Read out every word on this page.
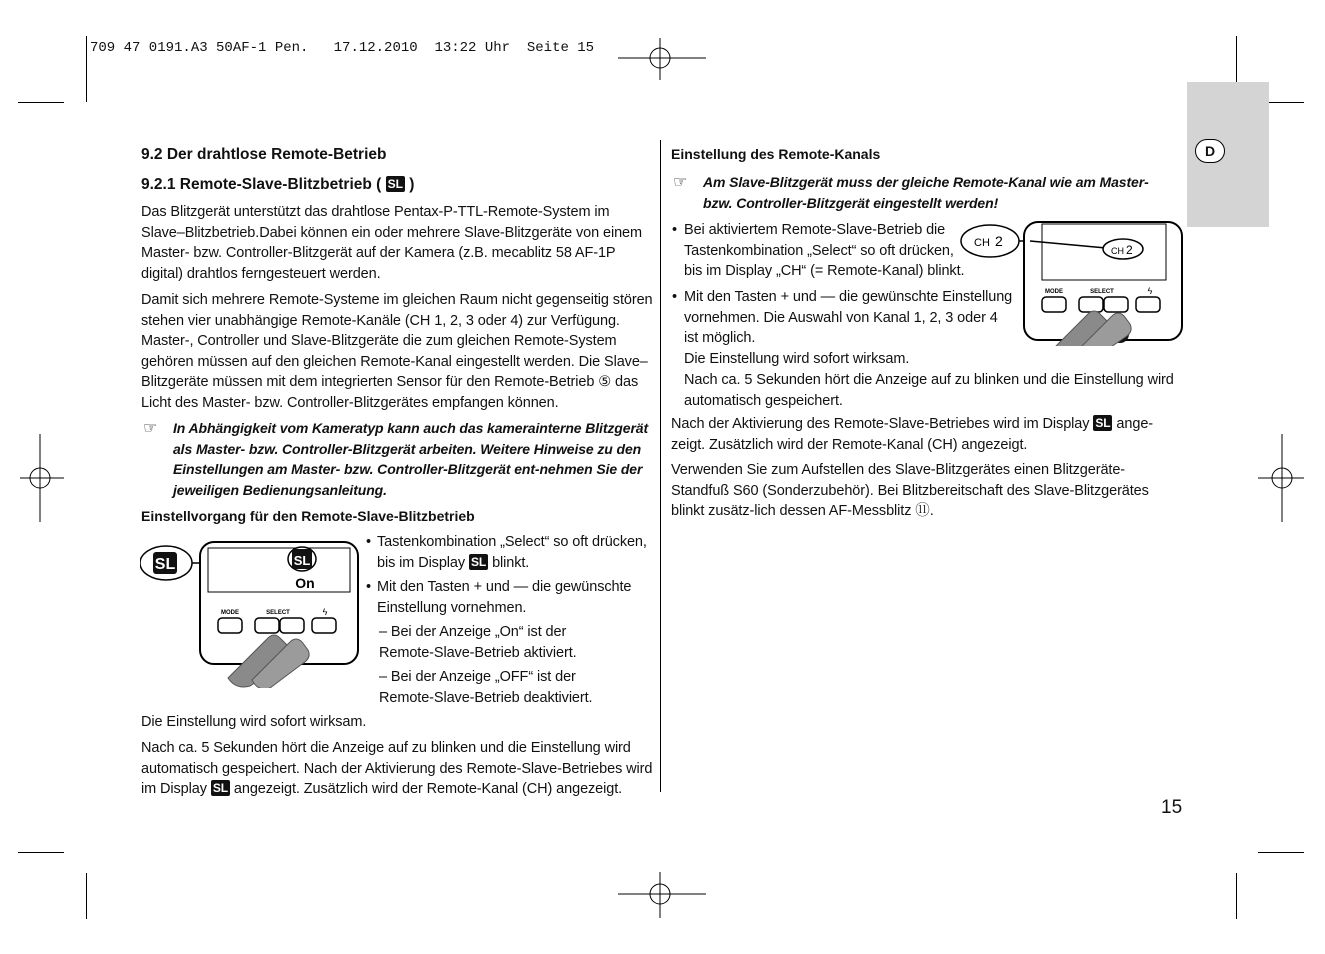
709 47 0191.A3 50AF-1 Pen.   17.12.2010  13:22 Uhr  Seite 15
D
9.2 Der drahtlose Remote-Betrieb
9.2.1 Remote-Slave-Blitzbetrieb ( SL )

Das Blitzgerät unterstützt das drahtlose Pentax-P-TTL-Remote-System im Slave–Blitzbetrieb.Dabei können ein oder mehrere Slave-Blitzgeräte von einem Master- bzw. Controller-Blitzgerät auf der Kamera (z.B. mecablitz 58 AF-1P digital) drahtlos ferngesteuert werden.

Damit sich mehrere Remote-Systeme im gleichen Raum nicht gegenseitig stören stehen vier unabhängige Remote-Kanäle (CH 1, 2, 3 oder 4) zur Verfügung. Master-, Controller und Slave-Blitzgeräte die zum gleichen Remote-System gehören müssen auf den gleichen Remote-Kanal eingestellt werden. Die Slave–Blitzgeräte müssen mit dem integrierten Sensor für den Remote-Betrieb ⑤ das Licht des Master- bzw. Controller-Blitzgerätes empfangen können.

☞ In Abhängigkeit vom Kameratyp kann auch das kamerainterne Blitzgerät als Master- bzw. Controller-Blitzgerät arbeiten. Weitere Hinweise zu den Einstellungen am Master- bzw. Controller-Blitzgerät ent-nehmen Sie der jeweiligen Bedienungsanleitung.

Einstellvorgang für den Remote-Slave-Blitzbetrieb
SL	SL
On
MODE	SELECT	ϟ
• Tastenkombination „Select“ so oft drücken,
bis im Display SL blinkt.
• Mit den Tasten + und — die gewünschte Einstellung vornehmen.

– Bei der Anzeige „On“ ist der Remote-Slave-Betrieb aktiviert.

– Bei der Anzeige „OFF“ ist der Remote-Slave-Betrieb deaktiviert.

Die Einstellung wird sofort wirksam.

Nach ca. 5 Sekunden hört die Anzeige auf zu blinken und die Einstellung wird automatisch gespeichert. Nach der Aktivierung des Remote-Slave-Betriebes wird im Display SL angezeigt. Zusätzlich wird der Remote-Kanal (CH) angezeigt.

Einstellung des Remote-Kanals
☞ Am Slave-Blitzgerät muss der gleiche Remote-Kanal wie am Master- bzw. Controller-Blitzgerät eingestellt werden!

CH 2
CH 2
MODE	SELECT	ϟ
• Bei aktiviertem Remote-Slave-Betrieb die Tastenkombination „Select“ so oft drücken, bis im Display „CH“ (= Remote-Kanal) blinkt.
• Mit den Tasten + und — die gewünschte Einstellung vornehmen. Die Auswahl von Kanal 1, 2, 3 oder 4 ist möglich.

Die Einstellung wird sofort wirksam.

Nach ca. 5 Sekunden hört die Anzeige auf zu blinken und die Einstellung wird automatisch gespeichert.

Nach der Aktivierung des Remote-Slave-Betriebes wird im Display SL ange-zeigt. Zusätzlich wird der Remote-Kanal (CH) angezeigt.

Verwenden Sie zum Aufstellen des Slave-Blitzgerätes einen Blitzgeräte-Standfuß S60 (Sonderzubehör). Bei Blitzbereitschaft des Slave-Blitzgerätes blinkt zusätz-lich dessen AF-Messblitz ⑪.

15
